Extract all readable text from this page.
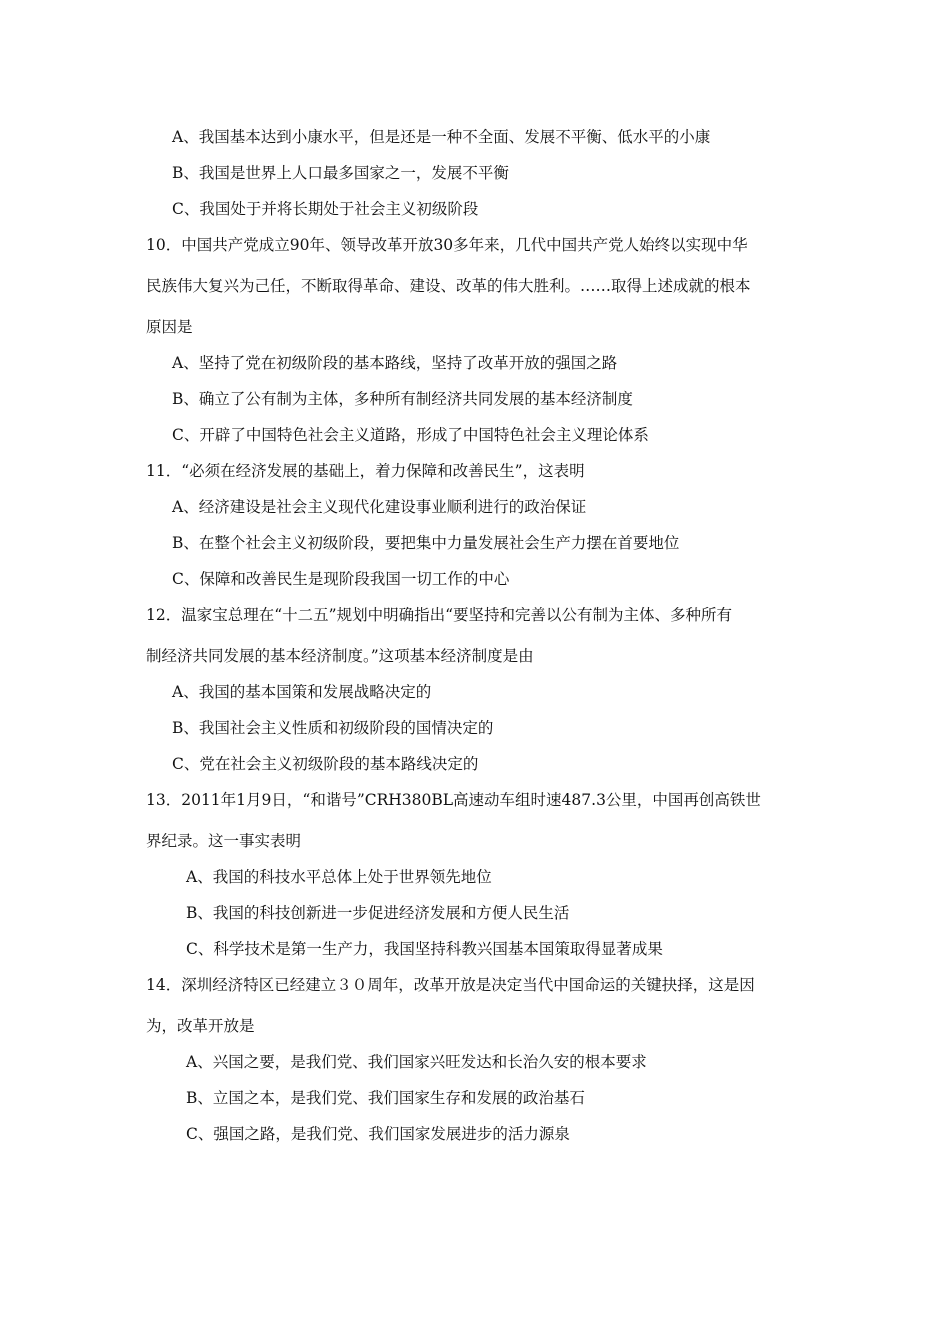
A、我国基本达到小康水平，但是还是一种不全面、发展不平衡、低水平的小康
B、我国是世界上人口最多国家之一，发展不平衡
C、我国处于并将长期处于社会主义初级阶段
10．中国共产党成立90年、领导改革开放30多年来，几代中国共产党人始终以实现中华
民族伟大复兴为己任，不断取得革命、建设、改革的伟大胜利。……取得上述成就的根本
原因是
A、坚持了党在初级阶段的基本路线，坚持了改革开放的强国之路
B、确立了公有制为主体，多种所有制经济共同发展的基本经济制度
C、开辟了中国特色社会主义道路，形成了中国特色社会主义理论体系
11．“必须在经济发展的基础上，着力保障和改善民生”，这表明
A、经济建设是社会主义现代化建设事业顺利进行的政治保证
B、在整个社会主义初级阶段，要把集中力量发展社会生产力摆在首要地位
C、保障和改善民生是现阶段我国一切工作的中心
12．温家宝总理在“十二五”规划中明确指出“要坚持和完善以公有制为主体、多种所有
制经济共同发展的基本经济制度。”这项基本经济制度是由
A、我国的基本国策和发展战略决定的
B、我国社会主义性质和初级阶段的国情决定的
C、党在社会主义初级阶段的基本路线决定的
13．2011年1月9日，“和谐号”CRH380BL高速动车组时速487.3公里，中国再创高铁世
界纪录。这一事实表明
A、我国的科技水平总体上处于世界领先地位
B、我国的科技创新进一步促进经济发展和方便人民生活
C、科学技术是第一生产力，我国坚持科教兴国基本国策取得显著成果
14．深圳经济特区已经建立３０周年，改革开放是决定当代中国命运的关键抉择，这是因
为，改革开放是
A、兴国之要，是我们党、我们国家兴旺发达和长治久安的根本要求
B、立国之本，是我们党、我们国家生存和发展的政治基石
C、强国之路，是我们党、我们国家发展进步的活力源泉
